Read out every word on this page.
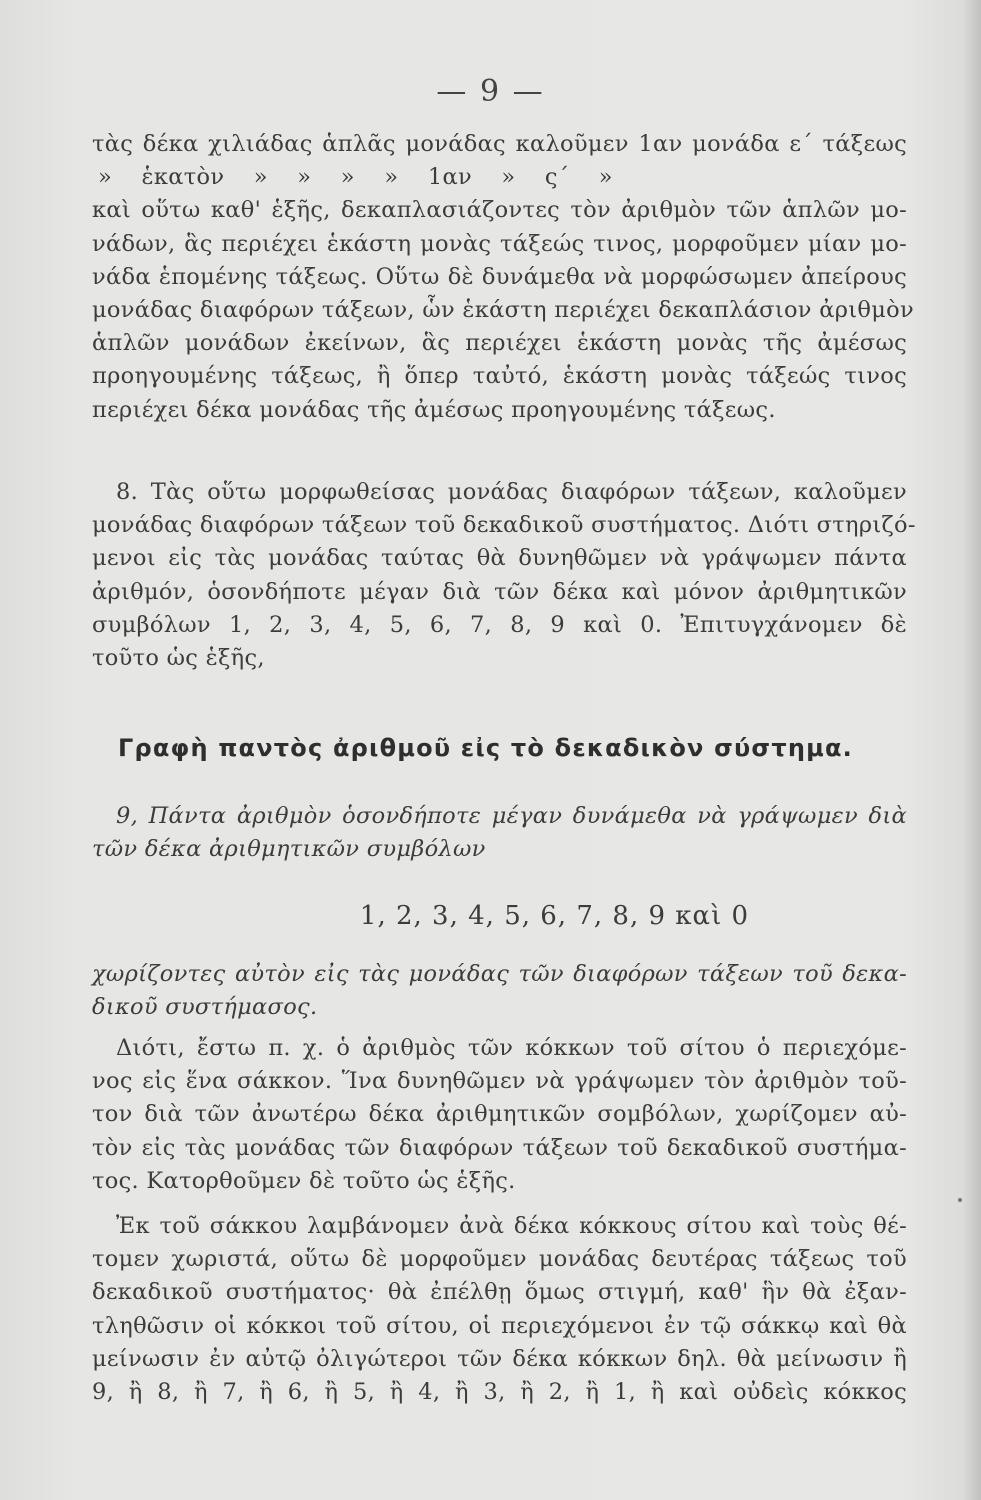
— 9 —
τὰς δέκα χιλιάδας ἁπλᾶς μονάδας καλοῦμεν 1αν μονάδα ε΄ τάξεως
» ἑκατὸν » » » » 1αν » ς΄ »
καὶ οὕτω καθ' ἑξῆς, δεκαπλασιάζοντες τὸν ἀριθμὸν τῶν ἁπλῶν μο-
νάδων, ἃς περιέχει ἑκάστη μονὰς τάξεώς τινος, μορφοῦμεν μίαν μο-
νάδα ἑπομένης τάξεως. Οὕτω δὲ δυνάμεθα νὰ μορφώσωμεν ἀπείρους
μονάδας διαφόρων τάξεων, ὧν ἑκάστη περιέχει δεκαπλάσιον ἀριθμὸν
ἁπλῶν μονάδων ἐκείνων, ἃς περιέχει ἑκάστη μονὰς τῆς ἀμέσως
προηγουμένης τάξεως, ἢ ὅπερ ταὐτό, ἑκάστη μονὰς τάξεώς τινος
περιέχει δέκα μονάδας τῆς ἀμέσως προηγουμένης τάξεως.
8. Τὰς οὕτω μορφωθείσας μονάδας διαφόρων τάξεων, καλοῦμεν
μονάδας διαφόρων τάξεων τοῦ δεκαδικοῦ συστήματος. Διότι στηριζό-
μενοι εἰς τὰς μονάδας ταύτας θὰ δυνηθῶμεν νὰ γράψωμεν πάντα
ἀριθμόν, ὁσονδήποτε μέγαν διὰ τῶν δέκα καὶ μόνον ἀριθμητικῶν
συμβόλων 1, 2, 3, 4, 5, 6, 7, 8, 9 καὶ 0. Ἐπιτυγχάνομεν δὲ
τοῦτο ὡς ἑξῆς,
Γραφὴ παντὸς ἀριθμοῦ εἰς τὸ δεκαδικὸν σύστημα.
9, Πάντα ἀριθμὸν ὁσονδήποτε μέγαν δυνάμεθα νὰ γράψωμεν διὰ
τῶν δέκα ἀριθμητικῶν συμβόλων
1, 2, 3, 4, 5, 6, 7, 8, 9 καὶ 0
χωρίζοντες αὐτὸν εἰς τὰς μονάδας τῶν διαφόρων τάξεων τοῦ δεκα-
δικοῦ συστήμασος.
Διότι, ἔστω π. χ. ὁ ἀριθμὸς τῶν κόκκων τοῦ σίτου ὁ περιεχόμε-
νος εἰς ἕνα σάκκον. Ἵνα δυνηθῶμεν νὰ γράψωμεν τὸν ἀριθμὸν τοῦ-
τον διὰ τῶν ἀνωτέρω δέκα ἀριθμητικῶν σομβόλων, χωρίζομεν αὐ-
τὸν εἰς τὰς μονάδας τῶν διαφόρων τάξεων τοῦ δεκαδικοῦ συστήμα-
τος. Κατορθοῦμεν δὲ τοῦτο ὡς ἑξῆς.
Ἐκ τοῦ σάκκου λαμβάνομεν ἀνὰ δέκα κόκκους σίτου καὶ τοὺς θέ-
τομεν χωριστά, οὕτω δὲ μορφοῦμεν μονάδας δευτέρας τάξεως τοῦ
δεκαδικοῦ συστήματος· θὰ ἐπέλθῃ ὅμως στιγμή, καθ' ἣν θὰ ἐξαν-
τληθῶσιν οἱ κόκκοι τοῦ σίτου, οἱ περιεχόμενοι ἐν τῷ σάκκῳ καὶ θὰ
μείνωσιν ἐν αὐτῷ ὀλιγώτεροι τῶν δέκα κόκκων δηλ. θὰ μείνωσιν ἢ
9, ἢ 8, ἢ 7, ἢ 6, ἢ 5, ἢ 4, ἢ 3, ἢ 2, ἢ 1, ἢ καὶ οὐδεὶς κόκκος
